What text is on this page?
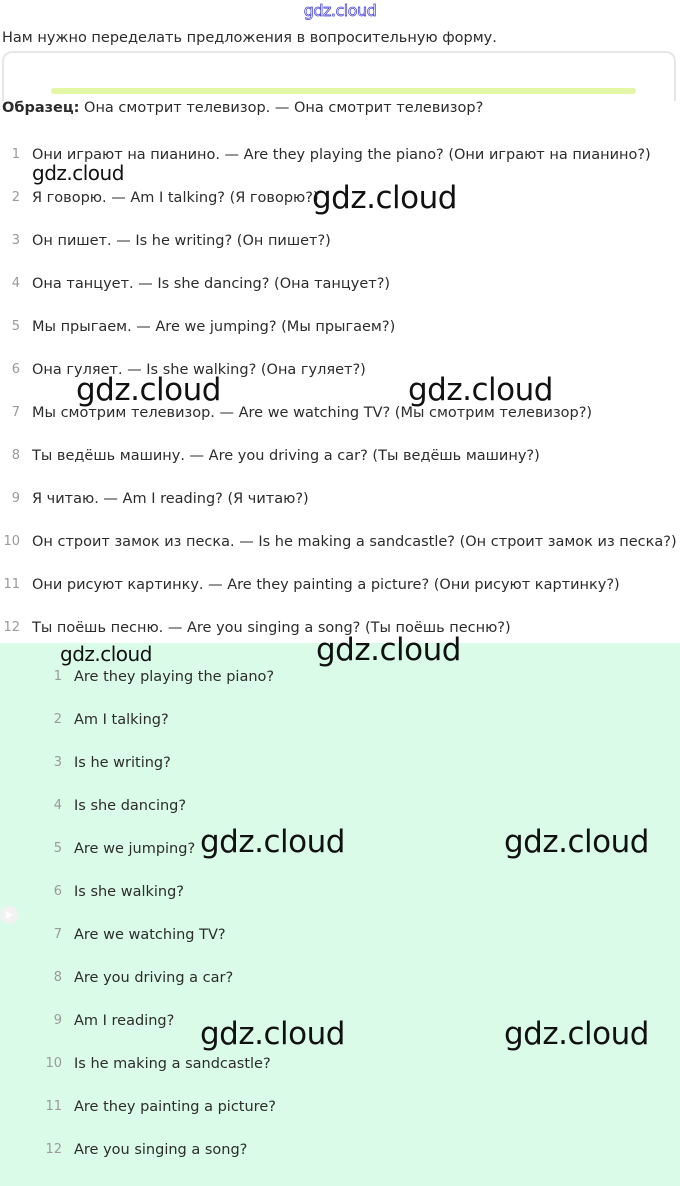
gdz.cloud
Нам нужно переделать предложения в вопросительную форму.
Образец: Она смотрит телевизор. — Она смотрит телевизор?
1 Они играют на пианино. — Are they playing the piano? (Они играют на пианино?)
2 Я говорю. — Am I talking? (Я говорю?)
3 Он пишет. — Is he writing? (Он пишет?)
4 Она танцует. — Is she dancing? (Она танцует?)
5 Мы прыгаем. — Are we jumping? (Мы прыгаем?)
6 Она гуляет. — Is she walking? (Она гуляет?)
7 Мы смотрим телевизор. — Are we watching TV? (Мы смотрим телевизор?)
8 Ты ведёшь машину. — Are you driving a car? (Ты ведёшь машину?)
9 Я читаю. — Am I reading? (Я читаю?)
10 Он строит замок из песка. — Is he making a sandcastle? (Он строит замок из песка?)
11 Они рисуют картинку. — Are they painting a picture? (Они рисуют картинку?)
12 Ты поёшь песню. — Are you singing a song? (Ты поёшь песню?)
1 Are they playing the piano?
2 Am I talking?
3 Is he writing?
4 Is she dancing?
5 Are we jumping?
6 Is she walking?
7 Are we watching TV?
8 Are you driving a car?
9 Am I reading?
10 Is he making a sandcastle?
11 Are they painting a picture?
12 Are you singing a song?
gdz.cloud
gdz.cloud
gdz.cloud	gdz.cloud
gdz.cloud	gdz.cloud
gdz.cloud	gdz.cloud
gdz.cloud	gdz.cloud
